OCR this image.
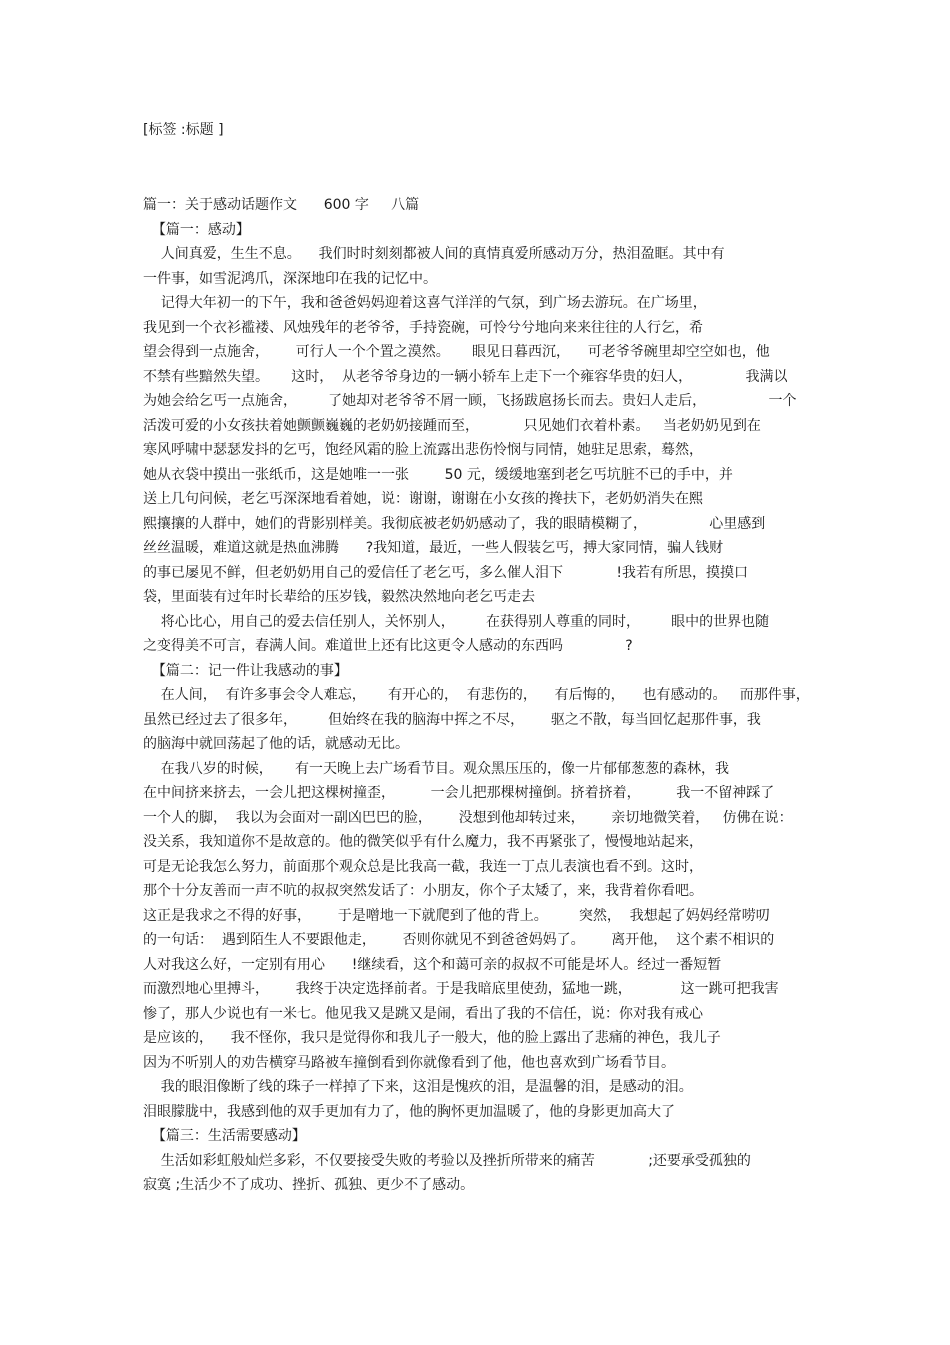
[标签 :标题 ]
篇一：关于感动话题作文      600 字     八篇
【篇一：感动】
人间真爱，生生不息。    我们时时刻刻都被人间的真情真爱所感动万分，热泪盈眶。其中有
一件事，如雪泥鸿爪，深深地印在我的记忆中。
记得大年初一的下午，我和爸爸妈妈迎着这喜气洋洋的气氛，到广场去游玩。在广场里，
我见到一个衣衫褴褛、风烛残年的老爷爷，手持瓷碗，可怜兮兮地向来来往往的人行乞，希
望会得到一点施舍，      可行人一个个置之漠然。     眼见日暮西沉，    可老爷爷碗里却空空如也，他
不禁有些黯然失望。     这时，  从老爷爷身边的一辆小轿车上走下一个雍容华贵的妇人，            我满以
为她会给乞丐一点施舍，       了她却对老爷爷不屑一顾，飞扬跋扈扬长而去。贵妇人走后，              一个
活泼可爱的小女孩扶着她颤颤巍巍的老奶奶接踵而至，          只见她们衣着朴素。   当老奶奶见到在
寒风呼啸中瑟瑟发抖的乞丐，饱经风霜的脸上流露出悲伤怜悯与同情，她驻足思索，蓦然，
她从衣袋中摸出一张纸币，这是她唯一一张        50 元，缓缓地塞到老乞丐坑脏不已的手中，并
送上几句问候，老乞丐深深地看着她，说：谢谢，谢谢在小女孩的搀扶下，老奶奶消失在熙
熙攘攘的人群中，她们的背影别样美。我彻底被老奶奶感动了，我的眼睛模糊了，              心里感到
丝丝温暖，难道这就是热血沸腾      ?我知道，最近，一些人假装乞丐，搏大家同情，骗人钱财
的事已屡见不鲜，但老奶奶用自己的爱信任了老乞丐，多么催人泪下            !我若有所思，摸摸口
袋，里面装有过年时长辈给的压岁钱，毅然决然地向老乞丐走去
将心比心，用自己的爱去信任别人，关怀别人，       在获得别人尊重的同时，       眼中的世界也随
之变得美不可言，春满人间。难道世上还有比这更令人感动的东西吗              ?
【篇二：记一件让我感动的事】
在人间，  有许多事会令人难忘，     有开心的，  有悲伤的，    有后悔的，    也有感动的。   而那件事，
虽然已经过去了很多年，       但始终在我的脑海中挥之不尽，      驱之不散，每当回忆起那件事，我
的脑海中就回荡起了他的话，就感动无比。
在我八岁的时候，     有一天晚上去广场看节目。观众黑压压的，像一片郁郁葱葱的森林，我
在中间挤来挤去，一会儿把这棵树撞歪，        一会儿把那棵树撞倒。挤着挤着，        我一不留神踩了
一个人的脚，  我以为会面对一副凶巴巴的脸，      没想到他却转过来，      亲切地微笑着，   仿佛在说：
没关系，我知道你不是故意的。他的微笑似乎有什么魔力，我不再紧张了，慢慢地站起来，
可是无论我怎么努力，前面那个观众总是比我高一截，我连一丁点儿表演也看不到。这时，
那个十分友善而一声不吭的叔叔突然发话了：小朋友，你个子太矮了，来，我背着你看吧。
这正是我求之不得的好事，      于是噌地一下就爬到了他的背上。       突然，  我想起了妈妈经常唠叨
的一句话：  遇到陌生人不要跟他走，      否则你就见不到爸爸妈妈了。      离开他，  这个素不相识的
人对我这么好，一定别有用心      !继续看，这个和蔼可亲的叔叔不可能是坏人。经过一番短暂
而激烈地心里搏斗，      我终于决定选择前者。于是我暗底里使劲，猛地一跳，           这一跳可把我害
惨了，那人少说也有一米七。他见我又是跳又是闹，看出了我的不信任，说：你对我有戒心
是应该的，    我不怪你，我只是觉得你和我儿子一般大，他的脸上露出了悲痛的神色，我儿子
因为不听别人的劝告横穿马路被车撞倒看到你就像看到了他，他也喜欢到广场看节目。
我的眼泪像断了线的珠子一样掉了下来，这泪是愧疚的泪，是温馨的泪，是感动的泪。
泪眼朦胧中，我感到他的双手更加有力了，他的胸怀更加温暖了，他的身影更加高大了
【篇三：生活需要感动】
生活如彩虹般灿烂多彩，不仅要接受失败的考验以及挫折所带来的痛苦            ;还要承受孤独的
寂寞 ;生活少不了成功、挫折、孤独、更少不了感动。
